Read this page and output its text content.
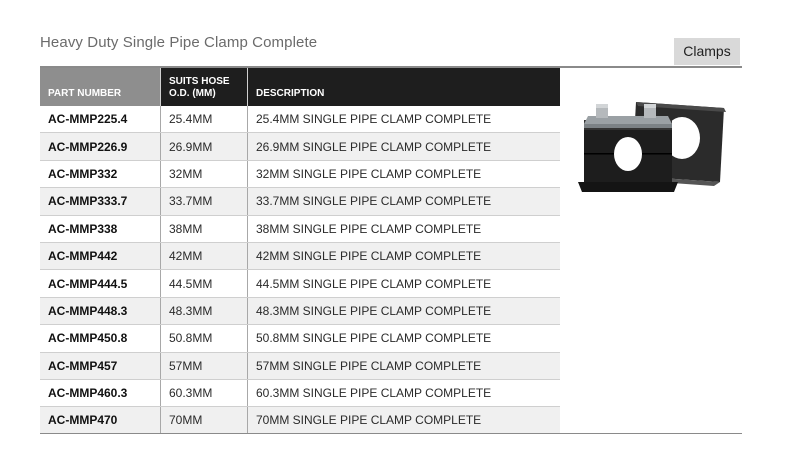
Heavy Duty Single Pipe Clamp Complete	Clamps
PART NUMBER	SUITS HOSE O.D. (MM)	DESCRIPTION
AC-MMP225.4	25.4MM	25.4MM SINGLE PIPE CLAMP COMPLETE
AC-MMP226.9	26.9MM	26.9MM SINGLE PIPE CLAMP COMPLETE
AC-MMP332	32MM	32MM SINGLE PIPE CLAMP COMPLETE
AC-MMP333.7	33.7MM	33.7MM SINGLE PIPE CLAMP COMPLETE
AC-MMP338	38MM	38MM SINGLE PIPE CLAMP COMPLETE
AC-MMP442	42MM	42MM SINGLE PIPE CLAMP COMPLETE
AC-MMP444.5	44.5MM	44.5MM SINGLE PIPE CLAMP COMPLETE
AC-MMP448.3	48.3MM	48.3MM SINGLE PIPE CLAMP COMPLETE
AC-MMP450.8	50.8MM	50.8MM SINGLE PIPE CLAMP COMPLETE
AC-MMP457	57MM	57MM SINGLE PIPE CLAMP COMPLETE
AC-MMP460.3	60.3MM	60.3MM SINGLE PIPE CLAMP COMPLETE
AC-MMP470	70MM	70MM SINGLE PIPE CLAMP COMPLETE
